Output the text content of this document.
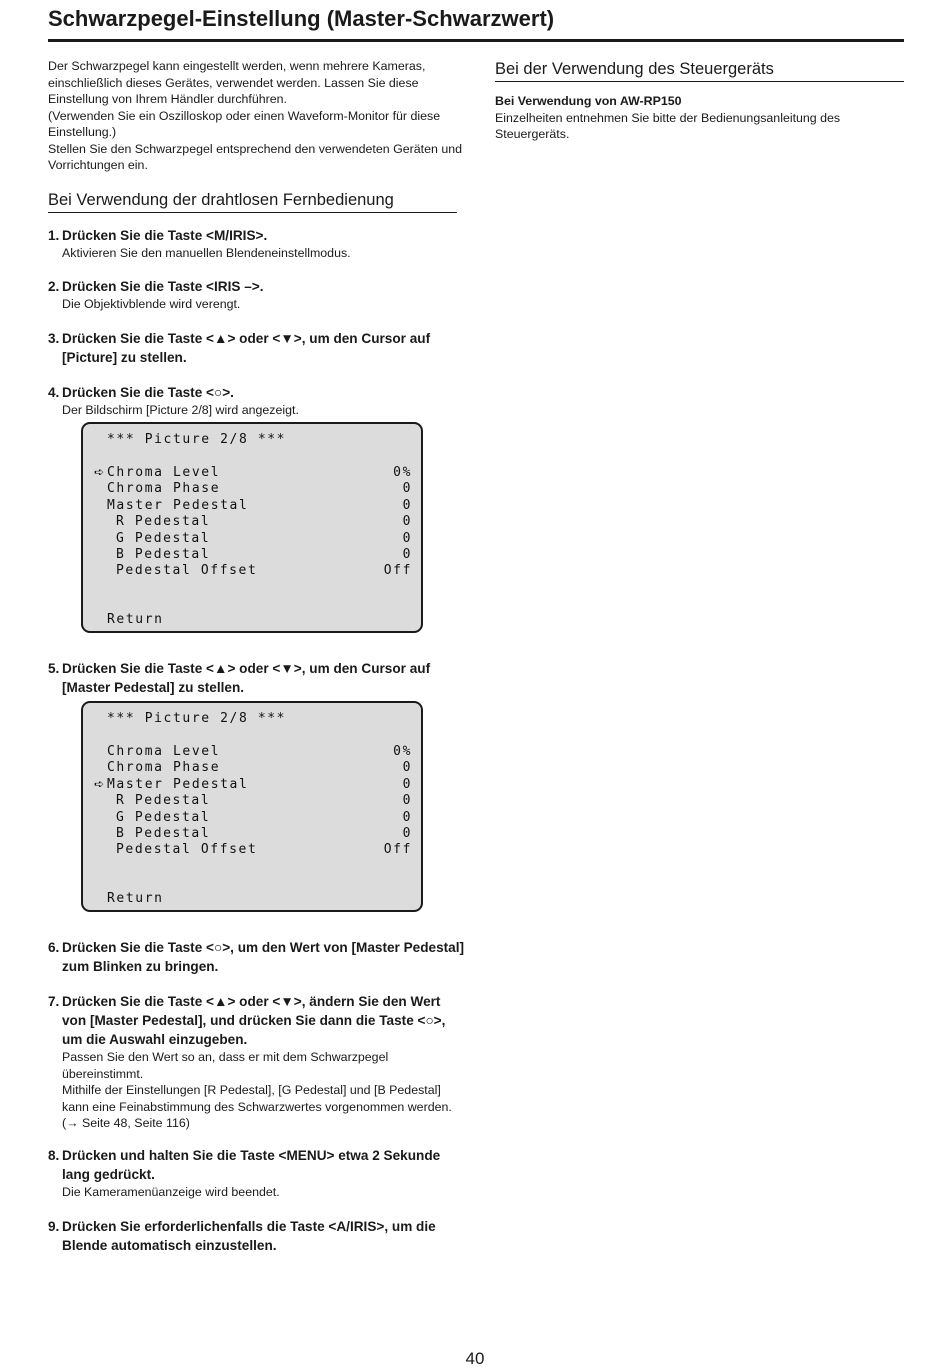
Schwarzpegel-Einstellung (Master-Schwarzwert)

Der Schwarzpegel kann eingestellt werden, wenn mehrere Kameras, einschließlich dieses Gerätes, verwendet werden. Lassen Sie diese Einstellung von Ihrem Händler durchführen.

(Verwenden Sie ein Oszilloskop oder einen Waveform-Monitor für diese Einstellung.)

Stellen Sie den Schwarzpegel entsprechend den verwendeten Geräten und Vorrichtungen ein.

Bei der Verwendung des Steuergeräts

Bei Verwendung von AW-RP150

Einzelheiten entnehmen Sie bitte der Bedienungsanleitung des Steuergeräts.

Bei Verwendung der drahtlosen Fernbedienung
1. Drücken Sie die Taste <M/IRIS>.

Aktivieren Sie den manuellen Blendeneinstellmodus.

2. Drücken Sie die Taste <IRIS –>.

Die Objektivblende wird verengt.

3. Drücken Sie die Taste <▲> oder <▼>, um den Cursor auf [Picture] zu stellen.
4. Drücken Sie die Taste <○>.

Der Bildschirm [Picture 2/8] wird angezeigt.

*** Picture 2/8 ***
➪ Chroma Level	0%
Chroma Phase	0
Master Pedestal	0
R Pedestal	0
G Pedestal	0
B Pedestal	0
Pedestal Offset	Off
Return
5. Drücken Sie die Taste <▲> oder <▼>, um den Cursor auf [Master Pedestal] zu stellen.
*** Picture 2/8 ***
Chroma Level	0%
Chroma Phase	0
➪ Master Pedestal	0
R Pedestal	0
G Pedestal	0
B Pedestal	0
Pedestal Offset	Off
Return
6. Drücken Sie die Taste <○>, um den Wert von [Master Pedestal] zum Blinken zu bringen.
7. Drücken Sie die Taste <▲> oder <▼>, ändern Sie den Wert von [Master Pedestal], und drücken Sie dann die Taste <○>, um die Auswahl einzugeben.

Passen Sie den Wert so an, dass er mit dem Schwarzpegel übereinstimmt.

Mithilfe der Einstellungen [R Pedestal], [G Pedestal] und [B Pedestal] kann eine Feinabstimmung des Schwarzwertes vorgenommen werden. (→ Seite 48, Seite 116)

8. Drücken und halten Sie die Taste <MENU> etwa 2 Sekunde lang gedrückt.

Die Kameramenüanzeige wird beendet.

9. Drücken Sie erforderlichenfalls die Taste <A/IRIS>, um die Blende automatisch einzustellen.
40
